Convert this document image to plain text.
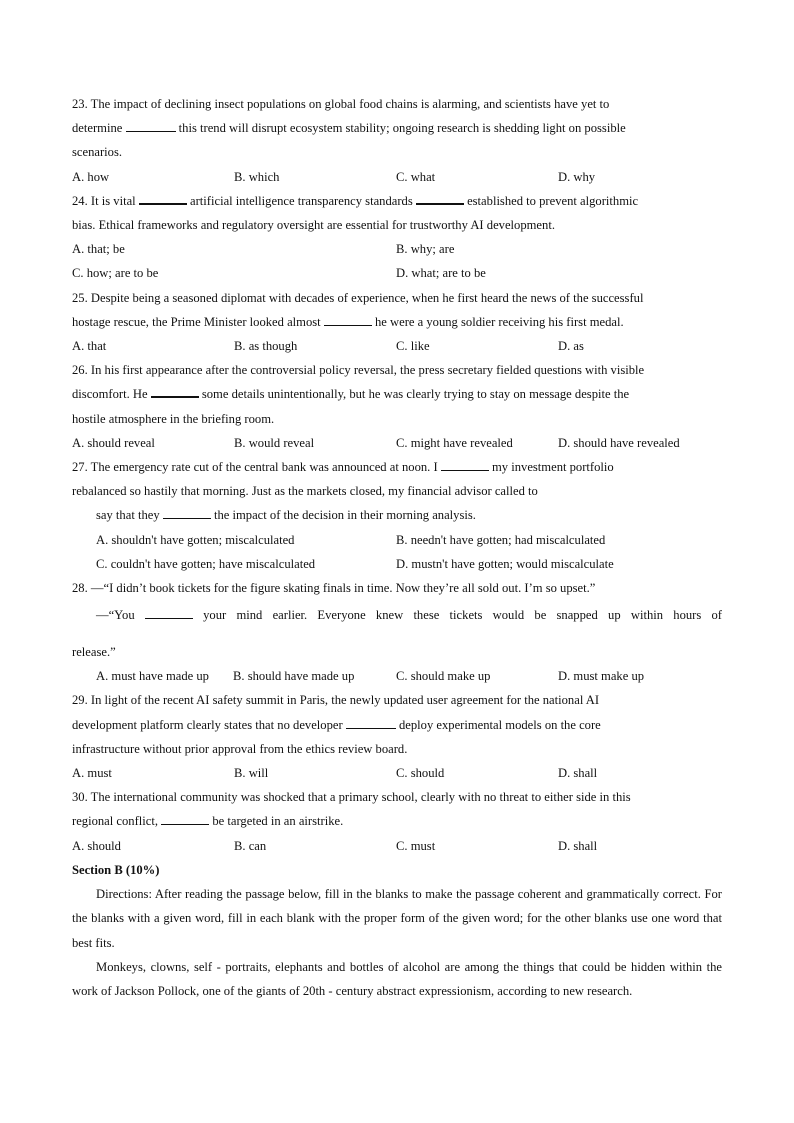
23. The impact of declining insect populations on global food chains is alarming, and scientists have yet to

determine	this trend will disrupt ecosystem stability; ongoing research is shedding light on possible

scenarios.

A. how	B. which	C. what	D. why

24. It is vital	artificial intelligence transparency standards	established to prevent algorithmic

bias. Ethical frameworks and regulatory oversight are essential for trustworthy AI development.

A. that; be	B. why; are
C. how; are to be	D. what; are to be

25. Despite being a seasoned diplomat with decades of experience, when he first heard the news of the successful

hostage rescue, the Prime Minister looked almost	he were a young soldier receiving his first medal.

A. that	B. as though	C. like	D. as

26. In his first appearance after the controversial policy reversal, the press secretary fielded questions with visible

discomfort. He	some details unintentionally, but he was clearly trying to stay on message despite the

hostile atmosphere in the briefing room.

A. should reveal	B. would reveal	C. might have revealed	D. should have revealed

27. The emergency rate cut of the central bank was announced at noon. I	my investment portfolio

rebalanced so hastily that morning. Just as the markets closed, my financial advisor called to

say that they	the impact of the decision in their morning analysis.

A. shouldn't have gotten; miscalculated	B. needn't have gotten; had miscalculated
C. couldn't have gotten; have miscalculated	D. mustn't have gotten; would miscalculate

28. —“I didn’t book tickets for the figure skating finals in time. Now they’re all sold out. I’m so upset.”

—“You	your mind earlier. Everyone knew these tickets would be snapped up within hours of

release.”

A. must have made up	B. should have made up	C. should make up	D. must make up

29. In light of the recent AI safety summit in Paris, the newly updated user agreement for the national AI

development platform clearly states that no developer	deploy experimental models on the core

infrastructure without prior approval from the ethics review board.

A. must	B. will	C. should	D. shall

30. The international community was shocked that a primary school, clearly with no threat to either side in this

regional conflict,	be targeted in an airstrike.

A. should	B. can	C. must	D. shall

Section B (10%)

Directions: After reading the passage below, fill in the blanks to make the passage coherent and grammatically correct. For the blanks with a given word, fill in each blank with the proper form of the given word; for the other blanks use one word that best fits.

Monkeys, clowns, self - portraits, elephants and bottles of alcohol are among the things that could be hidden within the work of Jackson Pollock, one of the giants of 20th - century abstract expressionism, according to new research.
